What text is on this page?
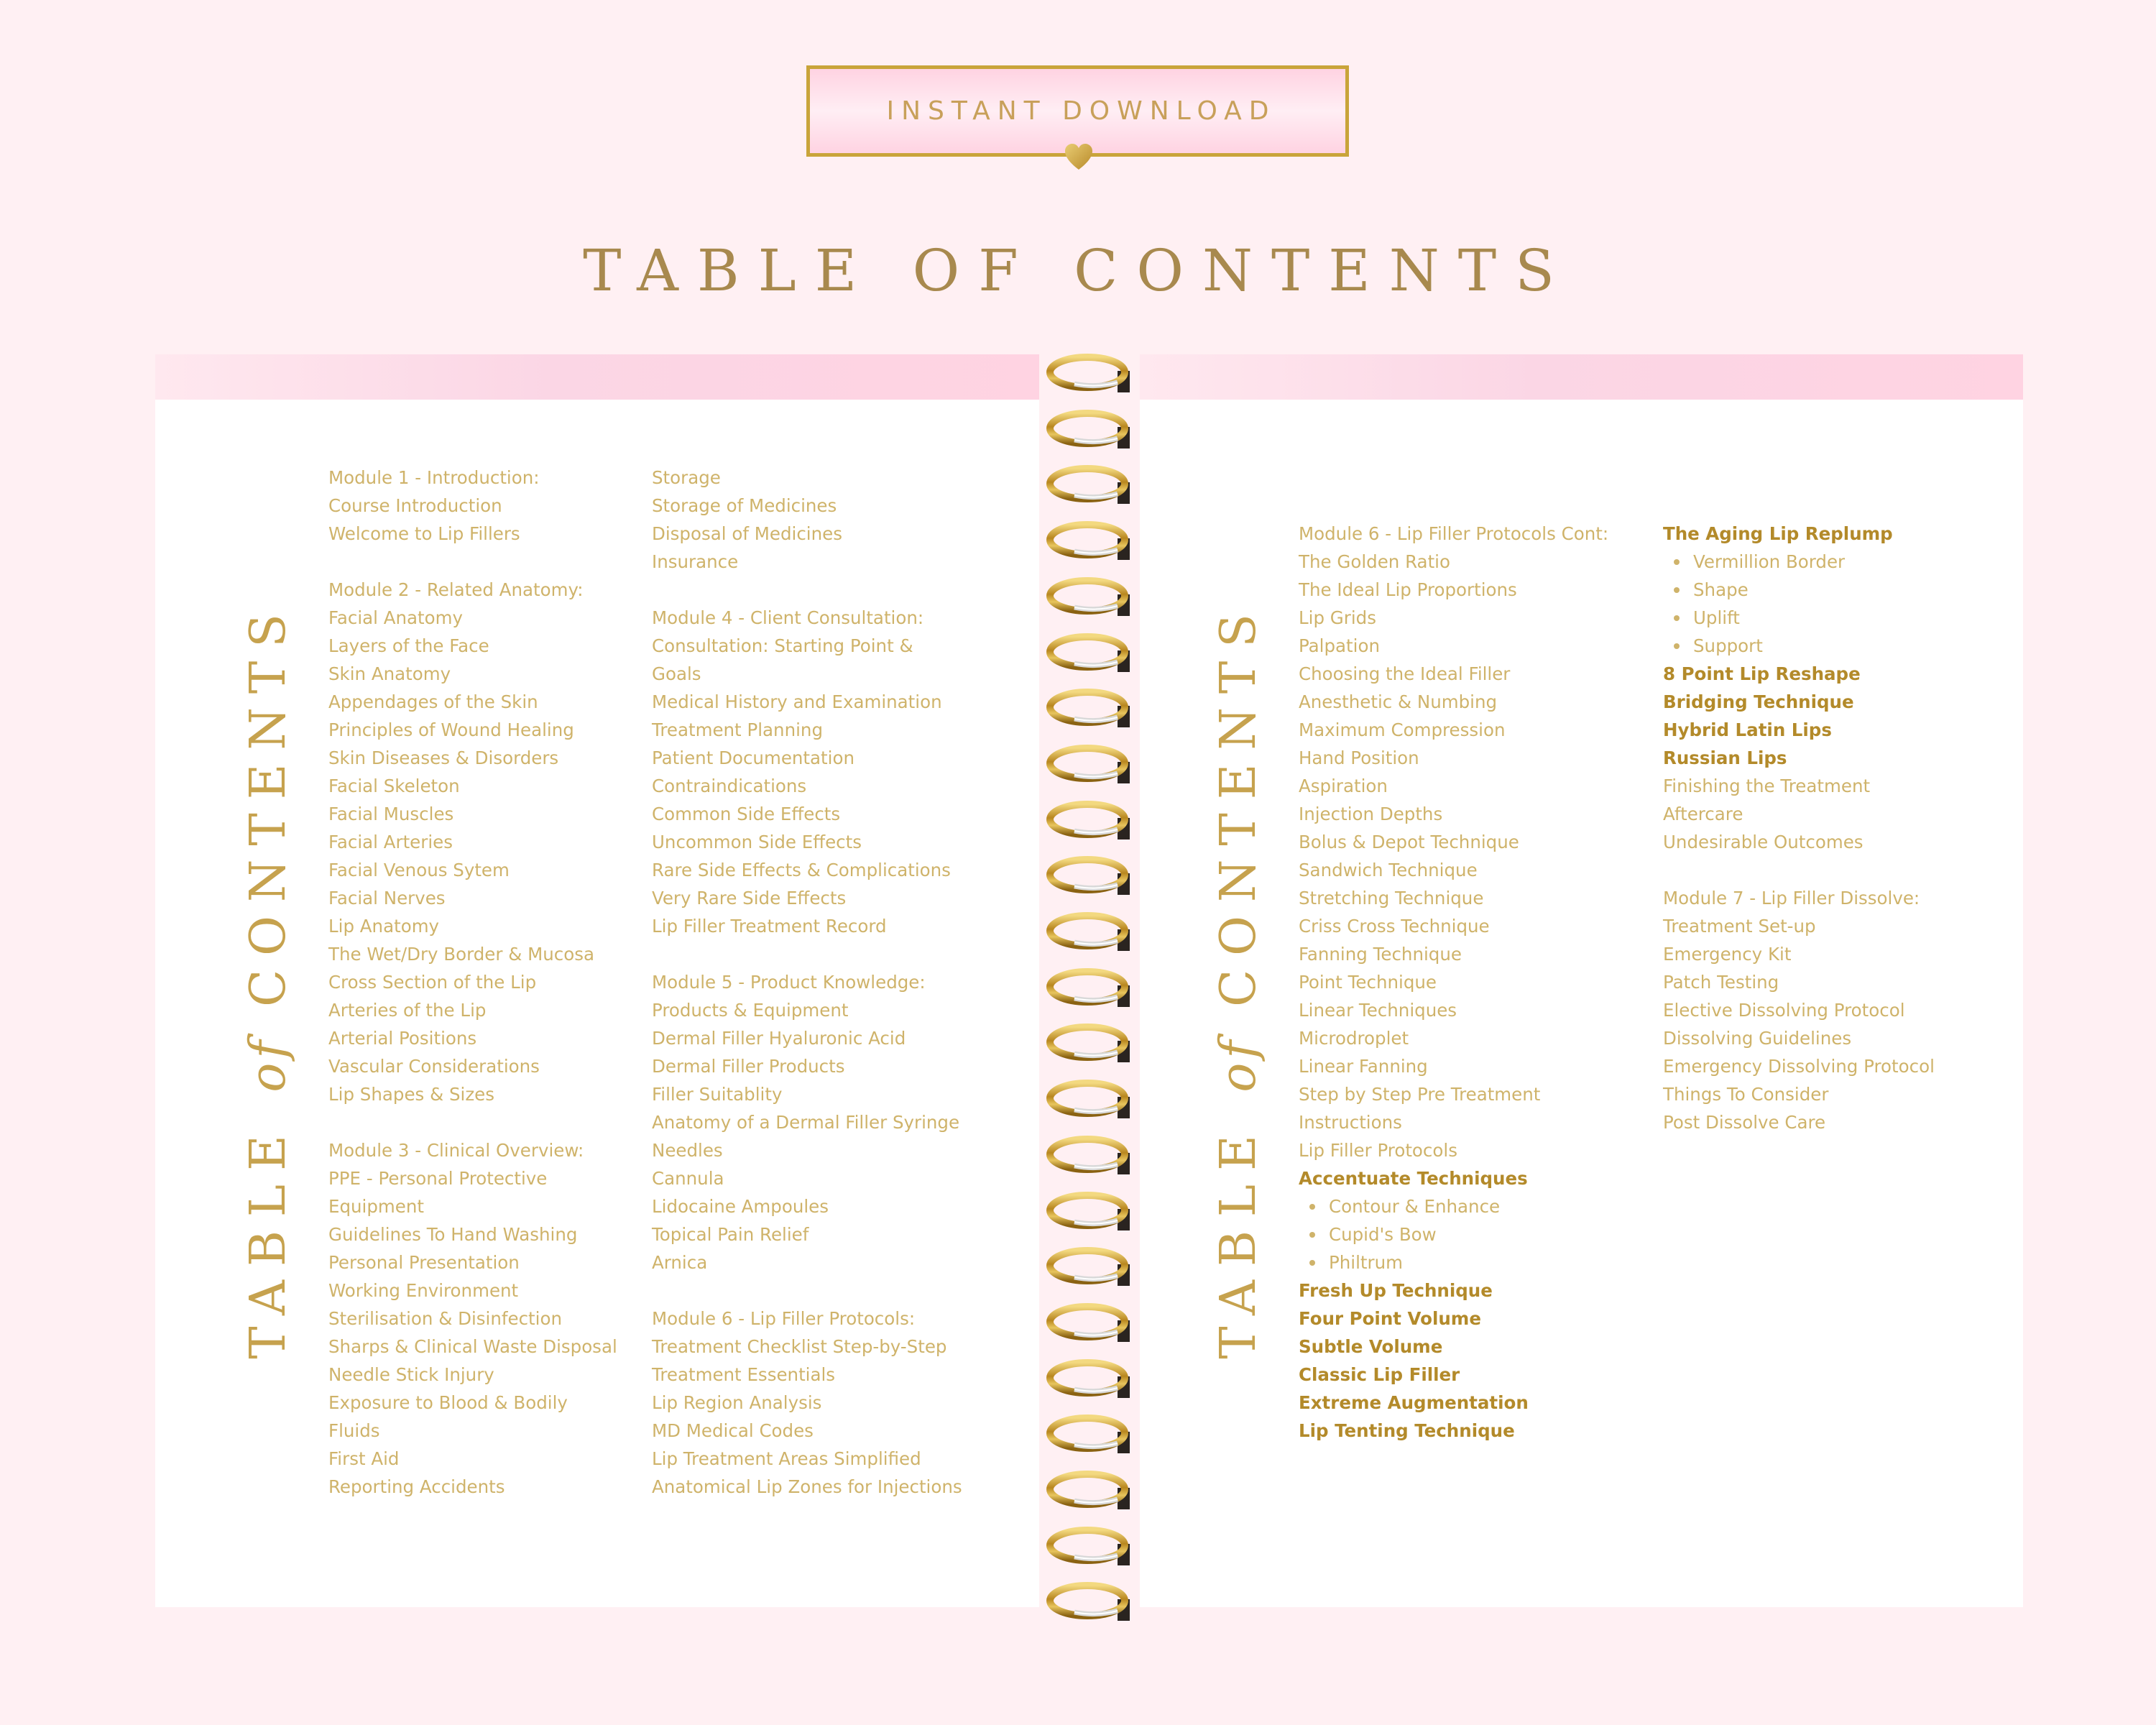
INSTANT DOWNLOAD
TABLE OF CONTENTS
TABLE of CONTENTS
Module 1 - Introduction:
Course Introduction
Welcome to Lip Fillers
Module 2 - Related Anatomy:
Facial Anatomy
Layers of the Face
Skin Anatomy
Appendages of the Skin
Principles of Wound Healing
Skin Diseases & Disorders
Facial Skeleton
Facial Muscles
Facial Arteries
Facial Venous Sytem
Facial Nerves
Lip Anatomy
The Wet/Dry Border & Mucosa
Cross Section of the Lip
Arteries of the Lip
Arterial Positions
Vascular Considerations
Lip Shapes & Sizes
Module 3 - Clinical Overview:
PPE - Personal Protective
Equipment
Guidelines To Hand Washing
Personal Presentation
Working Environment
Sterilisation & Disinfection
Sharps & Clinical Waste Disposal
Needle Stick Injury
Exposure to Blood & Bodily
Fluids
First Aid
Reporting Accidents
Storage
Storage of Medicines
Disposal of Medicines
Insurance
Module 4 - Client Consultation:
Consultation: Starting Point &
Goals
Medical History and Examination
Treatment Planning
Patient Documentation
Contraindications
Common Side Effects
Uncommon Side Effects
Rare Side Effects & Complications
Very Rare Side Effects
Lip Filler Treatment Record
Module 5 - Product Knowledge:
Products & Equipment
Dermal Filler Hyaluronic Acid
Dermal Filler Products
Filler Suitablity
Anatomy of a Dermal Filler Syringe
Needles
Cannula
Lidocaine Ampoules
Topical Pain Relief
Arnica
Module 6 - Lip Filler Protocols:
Treatment Checklist Step-by-Step
Treatment Essentials
Lip Region Analysis
MD Medical Codes
Lip Treatment Areas Simplified
Anatomical Lip Zones for Injections
TABLE of CONTENTS
Module 6 - Lip Filler Protocols Cont:
The Golden Ratio
The Ideal Lip Proportions
Lip Grids
Palpation
Choosing the Ideal Filler
Anesthetic & Numbing
Maximum Compression
Hand Position
Aspiration
Injection Depths
Bolus & Depot Technique
Sandwich Technique
Stretching Technique
Criss Cross Technique
Fanning Technique
Point Technique
Linear Techniques
Microdroplet
Linear Fanning
Step by Step Pre Treatment
Instructions
Lip Filler Protocols
Accentuate Techniques
Contour & Enhance
Cupid's Bow
Philtrum
Fresh Up Technique
Four Point Volume
Subtle Volume
Classic Lip Filler
Extreme Augmentation
Lip Tenting Technique
The Aging Lip Replump
Vermillion Border
Shape
Uplift
Support
8 Point Lip Reshape
Bridging Technique
Hybrid Latin Lips
Russian Lips
Finishing the Treatment
Aftercare
Undesirable Outcomes
Module 7 - Lip Filler Dissolve:
Treatment Set-up
Emergency Kit
Patch Testing
Elective Dissolving Protocol
Dissolving Guidelines
Emergency Dissolving Protocol
Things To Consider
Post Dissolve Care
